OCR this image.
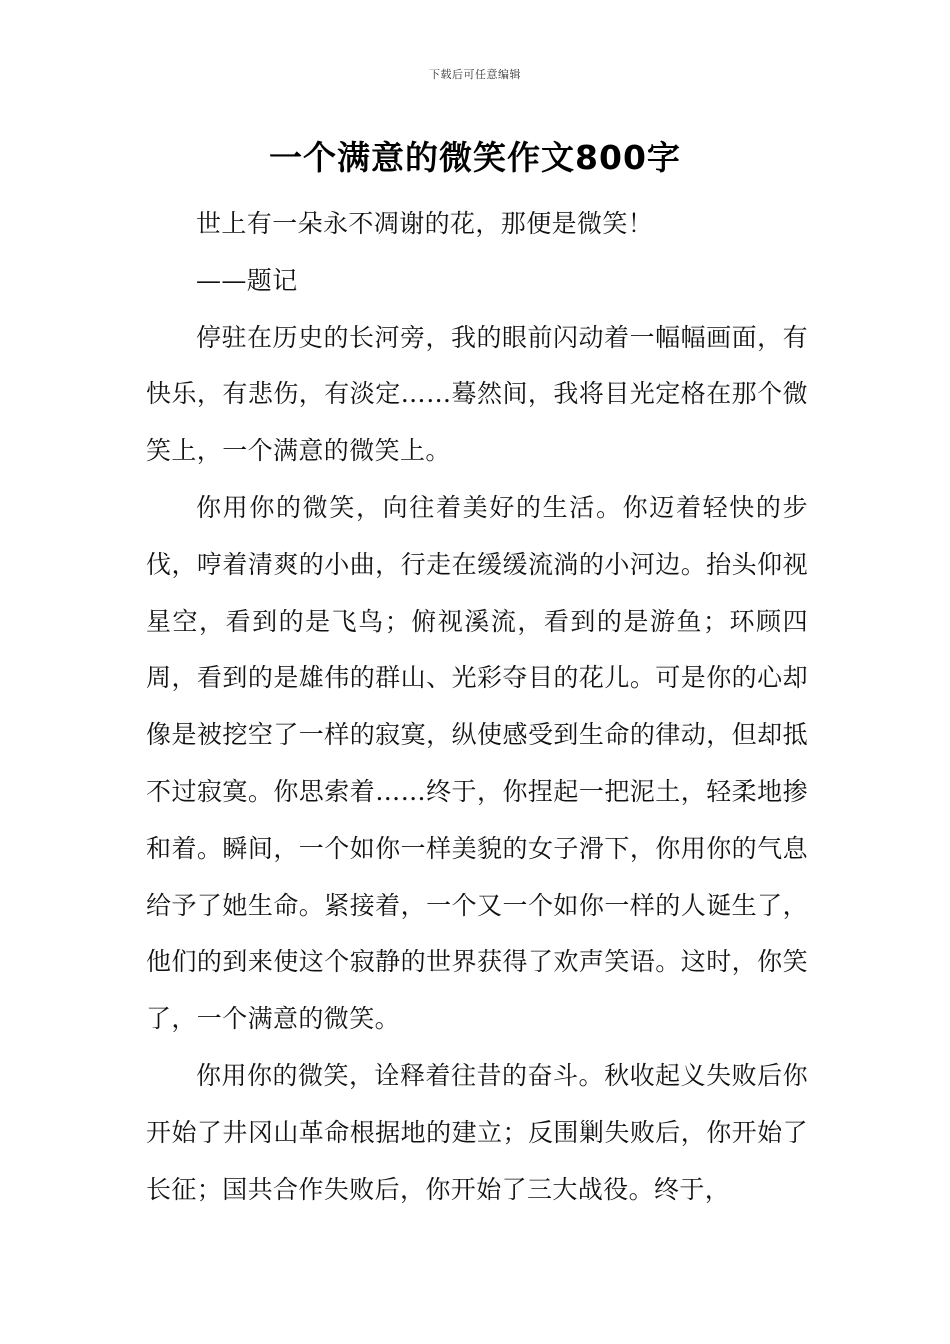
下载后可任意编辑
一个满意的微笑作文800字

世上有一朵永不凋谢的花，那便是微笑！

——题记

停驻在历史的长河旁，我的眼前闪动着一幅幅画面，有快乐，有悲伤，有淡定……蓦然间，我将目光定格在那个微笑上，一个满意的微笑上。

你用你的微笑，向往着美好的生活。你迈着轻快的步伐，哼着清爽的小曲，行走在缓缓流淌的小河边。抬头仰视星空，看到的是飞鸟；俯视溪流，看到的是游鱼；环顾四周，看到的是雄伟的群山、光彩夺目的花儿。可是你的心却像是被挖空了一样的寂寞，纵使感受到生命的律动，但却抵不过寂寞。你思索着……终于，你捏起一把泥土，轻柔地掺和着。瞬间，一个如你一样美貌的女子滑下，你用你的气息给予了她生命。紧接着，一个又一个如你一样的人诞生了，他们的到来使这个寂静的世界获得了欢声笑语。这时，你笑了，一个满意的微笑。

你用你的微笑，诠释着往昔的奋斗。秋收起义失败后你开始了井冈山革命根据地的建立；反围剿失败后，你开始了长征；国共合作失败后，你开始了三大战役。终于，
